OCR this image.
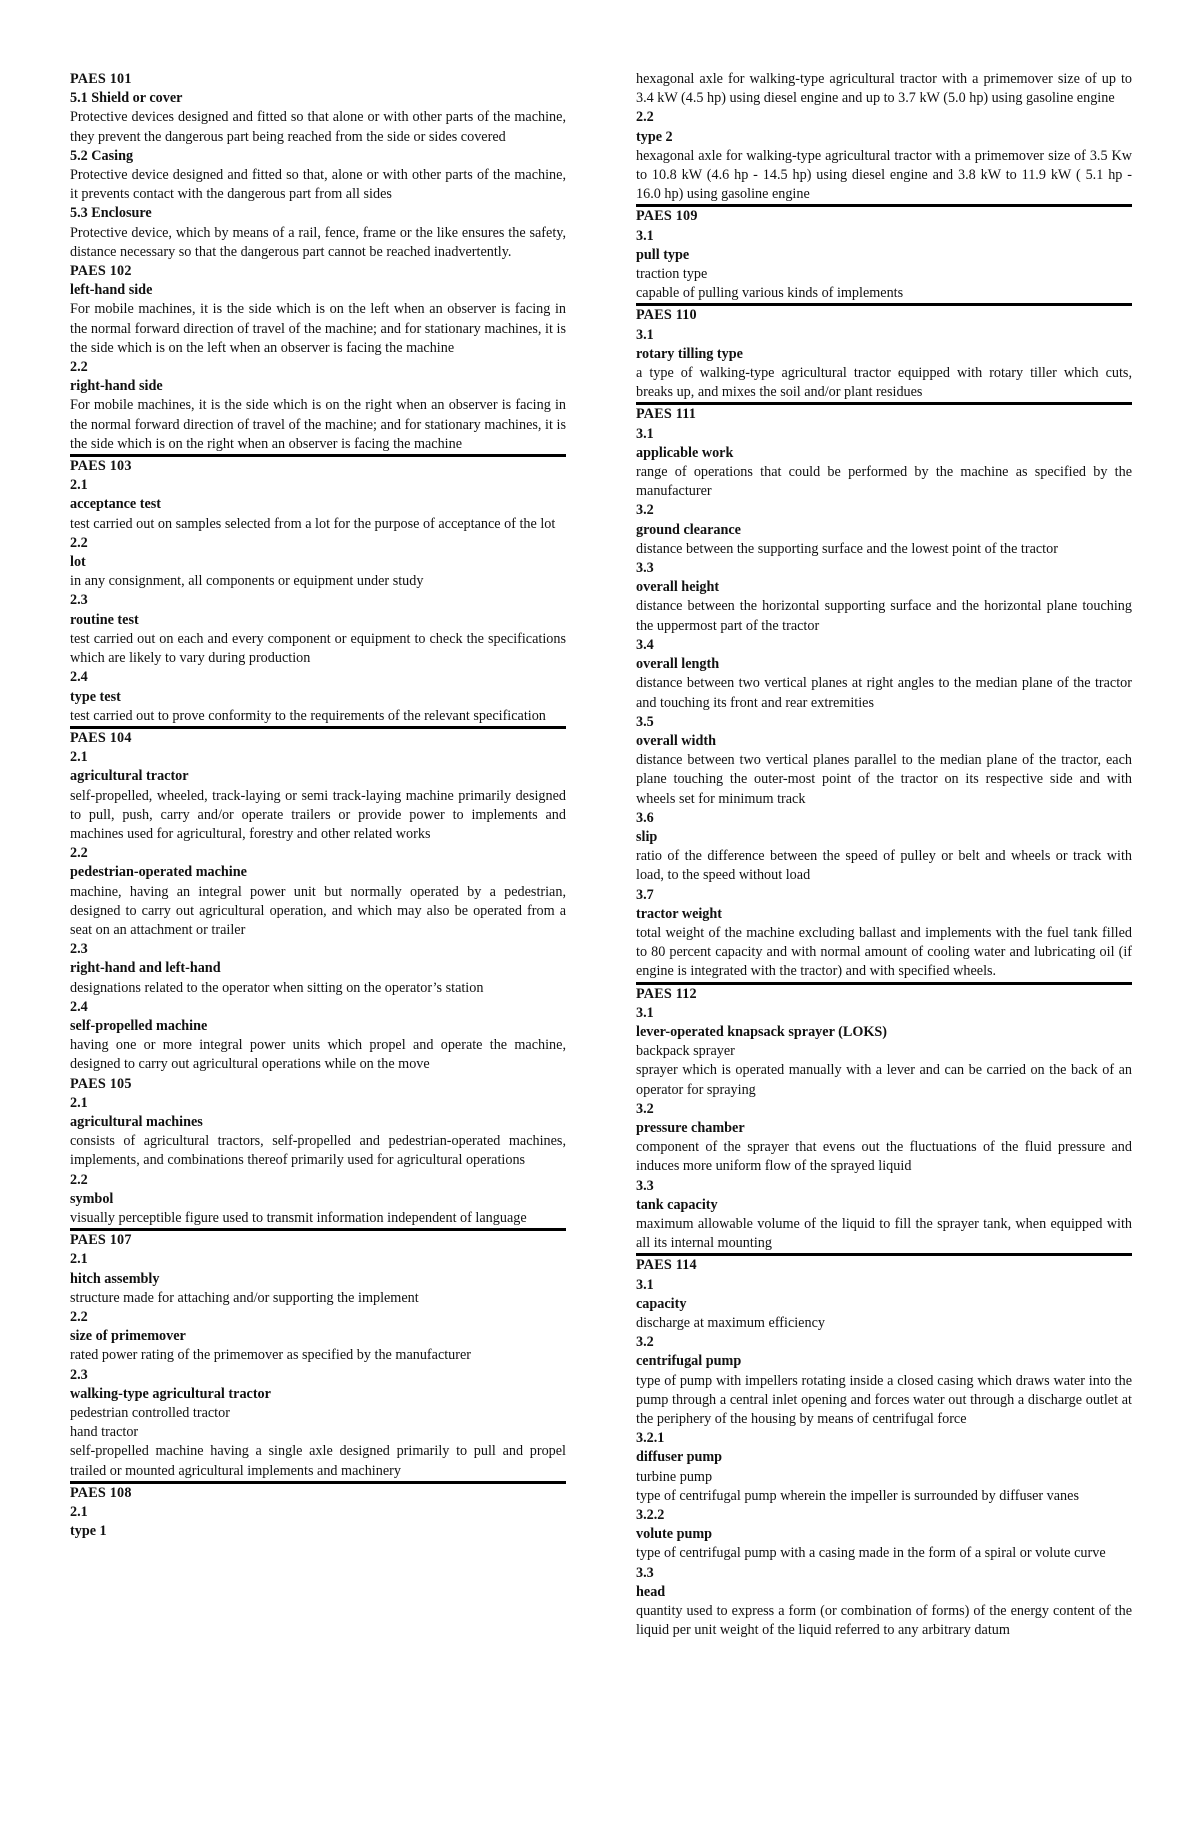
PAES 101
5.1 Shield or cover
Protective devices designed and fitted so that alone or with other parts of the machine, they prevent the dangerous part being reached from the side or sides covered
5.2 Casing
Protective device designed and fitted so that, alone or with other parts of the machine, it prevents contact with the dangerous part from all sides
5.3 Enclosure
Protective device, which by means of a rail, fence, frame or the like ensures the safety, distance necessary so that the dangerous part cannot be reached inadvertently.
PAES 102
left-hand side
For mobile machines, it is the side which is on the left when an observer is facing in the normal forward direction of travel of the machine; and for stationary machines, it is the side which is on the left when an observer is facing the machine
2.2
right-hand side
For mobile machines, it is the side which is on the right when an observer is facing in the normal forward direction of travel of the machine; and for stationary machines, it is the side which is on the right when an observer is facing the machine
PAES 103
2.1
acceptance test
test carried out on samples selected from a lot for the purpose of acceptance of the lot
2.2
lot
in any consignment, all components or equipment under study
2.3
routine test
test carried out on each and every component or equipment to check the specifications which are likely to vary during production
2.4
type test
test carried out to prove conformity to the requirements of the relevant specification
PAES 104
2.1
agricultural tractor
self-propelled, wheeled, track-laying or semi track-laying machine primarily designed to pull, push, carry and/or operate trailers or provide power to implements and machines used for agricultural, forestry and other related works
2.2
pedestrian-operated machine
machine, having an integral power unit but normally operated by a pedestrian, designed to carry out agricultural operation, and which may also be operated from a seat on an attachment or trailer
2.3
right-hand and left-hand
designations related to the operator when sitting on the operator’s station
2.4
self-propelled machine
having one or more integral power units which propel and operate the machine, designed to carry out agricultural operations while on the move
PAES 105
2.1
agricultural machines
consists of agricultural tractors, self-propelled and pedestrian-operated machines, implements, and combinations thereof primarily used for agricultural operations
2.2
symbol
visually perceptible figure used to transmit information independent of language
PAES 107
2.1
hitch assembly
structure made for attaching and/or supporting the implement
2.2
size of primemover
rated power rating of the primemover as specified by the manufacturer
2.3
walking-type agricultural tractor
pedestrian controlled tractor
hand tractor
self-propelled machine having a single axle designed primarily to pull and propel trailed or mounted agricultural implements and machinery
PAES 108
2.1
type 1
hexagonal axle for walking-type agricultural tractor with a primemover size of up to 3.4 kW (4.5 hp) using diesel engine and up to 3.7 kW (5.0 hp) using gasoline engine
2.2
type 2
hexagonal axle for walking-type agricultural tractor with a primemover size of 3.5 Kw to 10.8 kW (4.6 hp - 14.5 hp) using diesel engine and 3.8 kW to 11.9 kW ( 5.1 hp - 16.0 hp) using gasoline engine
PAES 109
3.1
pull type
traction type
capable of pulling various kinds of implements
PAES 110
3.1
rotary tilling type
a type of walking-type agricultural tractor equipped with rotary tiller which cuts, breaks up, and mixes the soil and/or plant residues
PAES 111
3.1
applicable work
range of operations that could be performed by the machine as specified by the manufacturer
3.2
ground clearance
distance between the supporting surface and the lowest point of the tractor
3.3
overall height
distance between the horizontal supporting surface and the horizontal plane touching the uppermost part of the tractor
3.4
overall length
distance between two vertical planes at right angles to the median plane of the tractor and touching its front and rear extremities
3.5
overall width
distance between two vertical planes parallel to the median plane of the tractor, each plane touching the outer-most point of the tractor on its respective side and with wheels set for minimum track
3.6
slip
ratio of the difference between the speed of pulley or belt and wheels or track with load, to the speed without load
3.7
tractor weight
total weight of the machine excluding ballast and implements with the fuel tank filled to 80 percent capacity and with normal amount of cooling water and lubricating oil (if engine is integrated with the tractor) and with specified wheels.
PAES 112
3.1
lever-operated knapsack sprayer (LOKS)
backpack sprayer
sprayer which is operated manually with a lever and can be carried on the back of an operator for spraying
3.2
pressure chamber
component of the sprayer that evens out the fluctuations of the fluid pressure and induces more uniform flow of the sprayed liquid
3.3
tank capacity
maximum allowable volume of the liquid to fill the sprayer tank, when equipped with all its internal mounting
PAES 114
3.1
capacity
discharge at maximum efficiency
3.2
centrifugal pump
type of pump with impellers rotating inside a closed casing which draws water into the pump through a central inlet opening and forces water out through a discharge outlet at the periphery of the housing by means of centrifugal force
3.2.1
diffuser pump
turbine pump
type of centrifugal pump wherein the impeller is surrounded by diffuser vanes
3.2.2
volute pump
type of centrifugal pump with a casing made in the form of a spiral or volute curve
3.3
head
quantity used to express a form (or combination of forms) of the energy content of the liquid per unit weight of the liquid referred to any arbitrary datum
